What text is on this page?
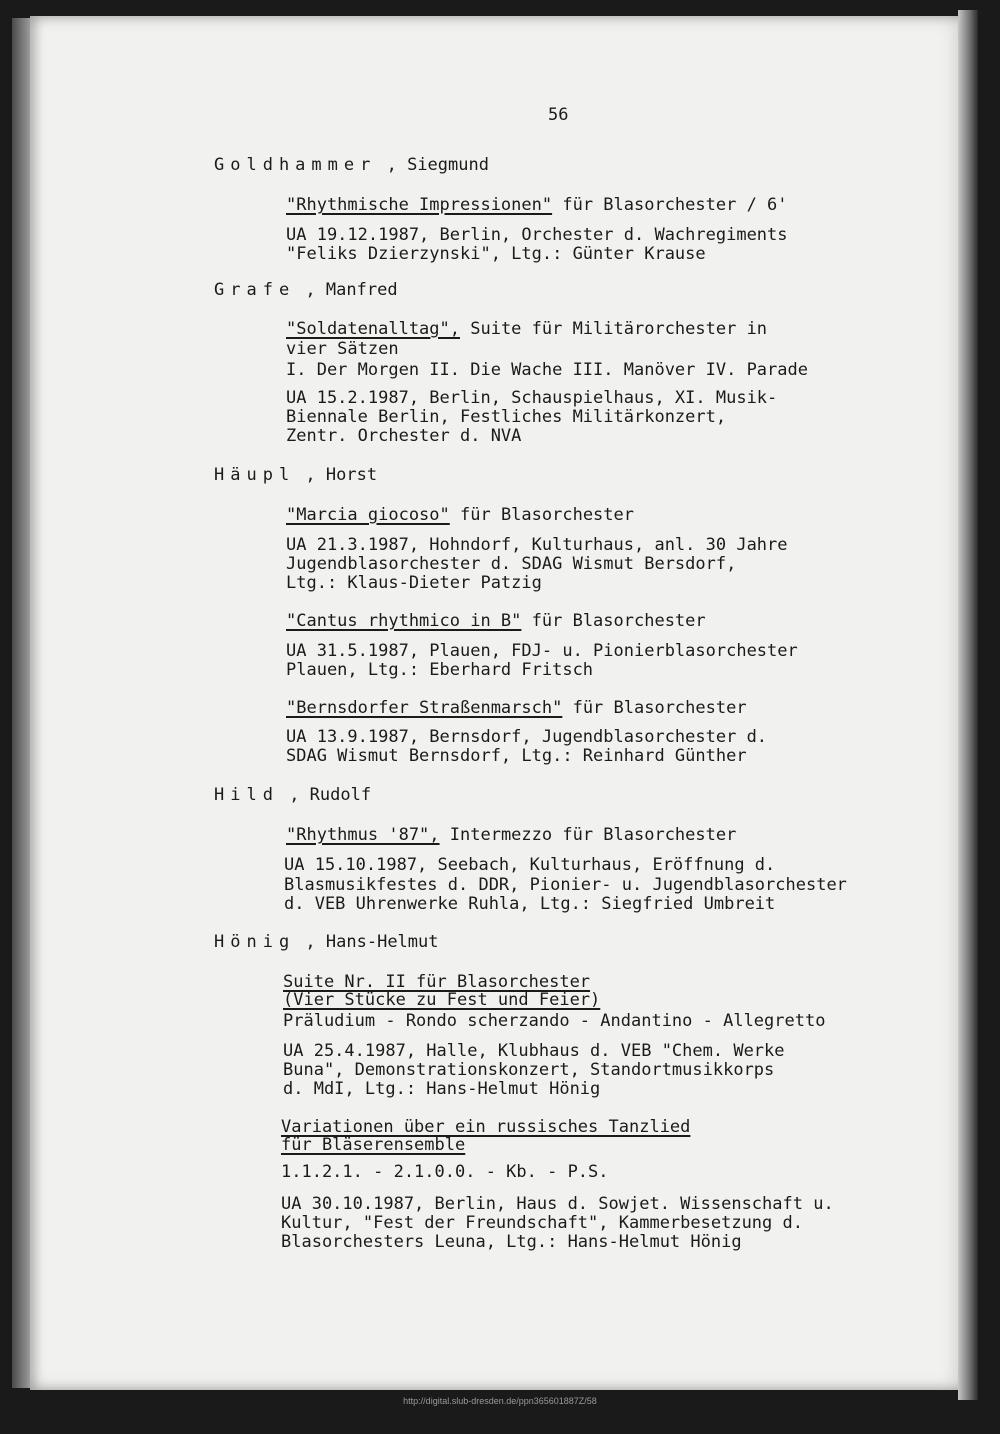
56
Goldhammer , Siegmund
"Rhythmische Impressionen" für Blasorchester / 6'
UA 19.12.1987, Berlin, Orchester d. Wachregiments
"Feliks Dzierzynski", Ltg.: Günter Krause
Grafe , Manfred
"Soldatenalltag", Suite für Militärorchester in
vier Sätzen
I. Der Morgen II. Die Wache III. Manöver IV. Parade
UA 15.2.1987, Berlin, Schauspielhaus, XI. Musik-
Biennale Berlin, Festliches Militärkonzert,
Zentr. Orchester d. NVA
Häupl , Horst
"Marcia giocoso" für Blasorchester
UA 21.3.1987, Hohndorf, Kulturhaus, anl. 30 Jahre
Jugendblasorchester d. SDAG Wismut Bersdorf,
Ltg.: Klaus-Dieter Patzig
"Cantus rhythmico in B" für Blasorchester
UA 31.5.1987, Plauen, FDJ- u. Pionierblasorchester
Plauen, Ltg.: Eberhard Fritsch
"Bernsdorfer Straßenmarsch" für Blasorchester
UA 13.9.1987, Bernsdorf, Jugendblasorchester d.
SDAG Wismut Bernsdorf, Ltg.: Reinhard Günther
Hild , Rudolf
"Rhythmus '87", Intermezzo für Blasorchester
UA 15.10.1987, Seebach, Kulturhaus, Eröffnung d.
Blasmusikfestes d. DDR, Pionier- u. Jugendblasorchester
d. VEB Uhrenwerke Ruhla, Ltg.: Siegfried Umbreit
Hönig , Hans-Helmut
Suite Nr. II für Blasorchester
(Vier Stücke zu Fest und Feier)
Präludium - Rondo scherzando - Andantino - Allegretto
UA 25.4.1987, Halle, Klubhaus d. VEB "Chem. Werke
Buna", Demonstrationskonzert, Standortmusikkorps
d. MdI, Ltg.: Hans-Helmut Hönig
Variationen über ein russisches Tanzlied
für Bläserensemble
1.1.2.1. - 2.1.0.0. - Kb. - P.S.
UA 30.10.1987, Berlin, Haus d. Sowjet. Wissenschaft u.
Kultur, "Fest der Freundschaft", Kammerbesetzung d.
Blasorchesters Leuna, Ltg.: Hans-Helmut Hönig
http://digital.slub-dresden.de/ppn365601887Z/58
